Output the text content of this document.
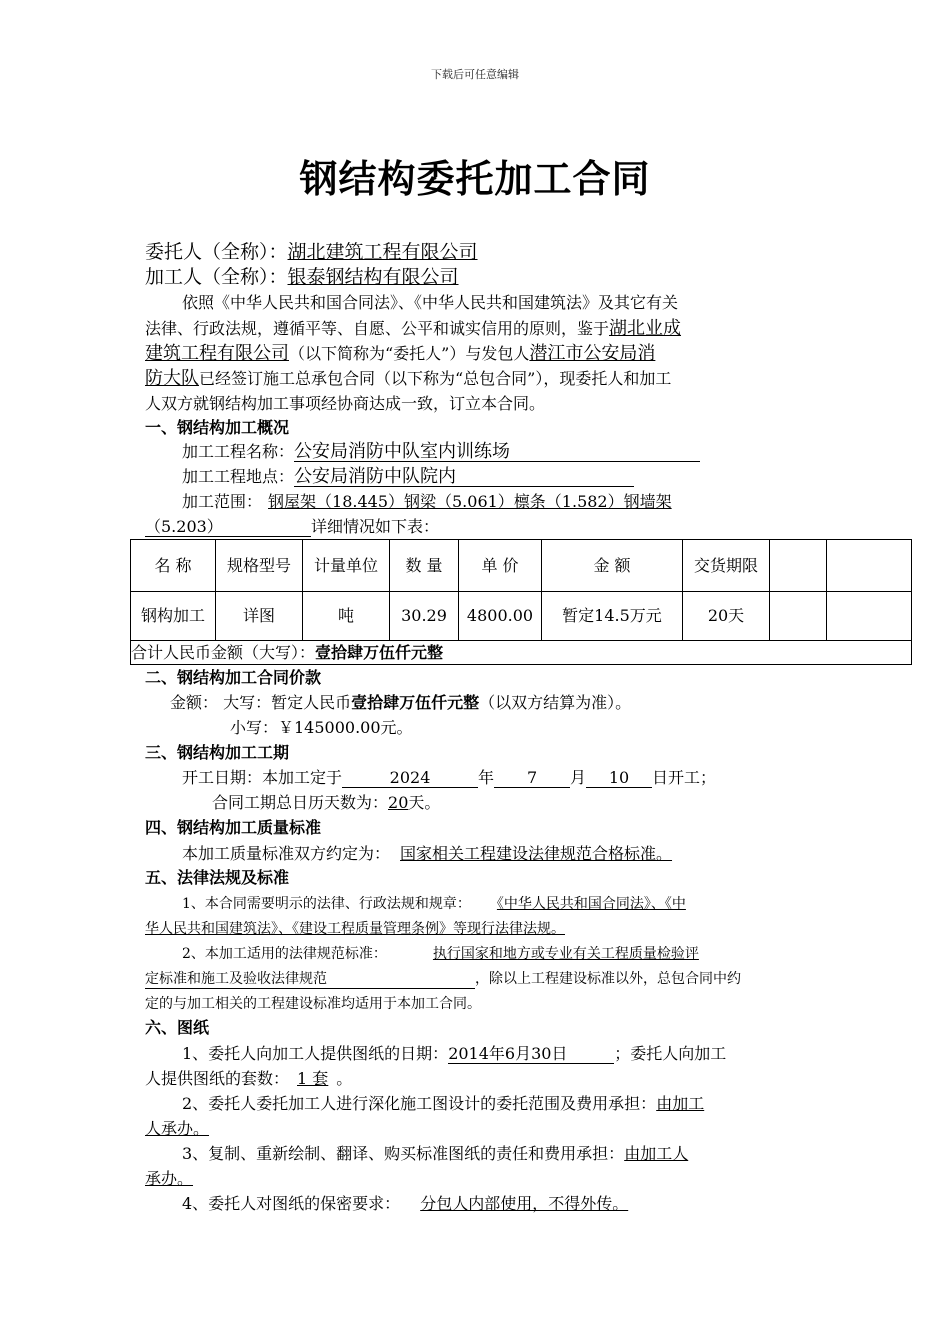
下载后可任意编辑
钢结构委托加工合同
委托人（全称）：湖北建筑工程有限公司
加工人（全称）：银泰钢结构有限公司
依照《中华人民共和国合同法》、《中华人民共和国建筑法》及其它有关
法律、行政法规，遵循平等、自愿、公平和诚实信用的原则，鉴于湖北业成
建筑工程有限公司（以下简称为“委托人”）与发包人潜江市公安局消
防大队已经签订施工总承包合同（以下称为“总包合同”），现委托人和加工
人双方就钢结构加工事项经协商达成一致，订立本合同。
一、钢结构加工概况
加工工程名称：公安局消防中队室内训练场
加工工程地点：公安局消防中队院内
加工范围： 钢屋架（18.445）钢梁（5.061）檩条（1.582）钢墙架
（5.203）	详细情况如下表：
名 称	规格型号	计量单位	数 量	单 价	金 额	交货期限		
钢构加工	详图	吨	30.29	4800.00	暂定14.5万元	20天		
合计人民币金额（大写）：壹拾肆万伍仟元整								
二、钢结构加工合同价款
金额： 大写：暂定人民币壹拾肆万伍仟元整（以双方结算为准）。
小写：￥145000.00元。
三、钢结构加工工期
开工日期：本加工定于	2024	年 7 月 10 日开工；
合同工期总日历天数为：20天。
四、钢结构加工质量标准
本加工质量标准双方约定为： 国家相关工程建设法律规范合格标准。
五、法律法规及标准
1、本合同需要明示的法律、行政法规和规章： 《中华人民共和国合同法》、《中
华人民共和国建筑法》、《建设工程质量管理条例》等现行法律法规。
2、本加工适用的法律规范标准：	执行国家和地方或专业有关工程质量检验评
定标准和施工及验收法律规范	，除以上工程建设标准以外，总包合同中约
定的与加工相关的工程建设标准均适用于本加工合同。
六、图纸
1、委托人向加工人提供图纸的日期：2014年6月30日	；委托人向加工
人提供图纸的套数： 1 套 。
2、委托人委托加工人进行深化施工图设计的委托范围及费用承担：由加工
人承办。
3、复制、重新绘制、翻译、购买标准图纸的责任和费用承担：由加工人
承办。
4、委托人对图纸的保密要求： 分包人内部使用，不得外传。
